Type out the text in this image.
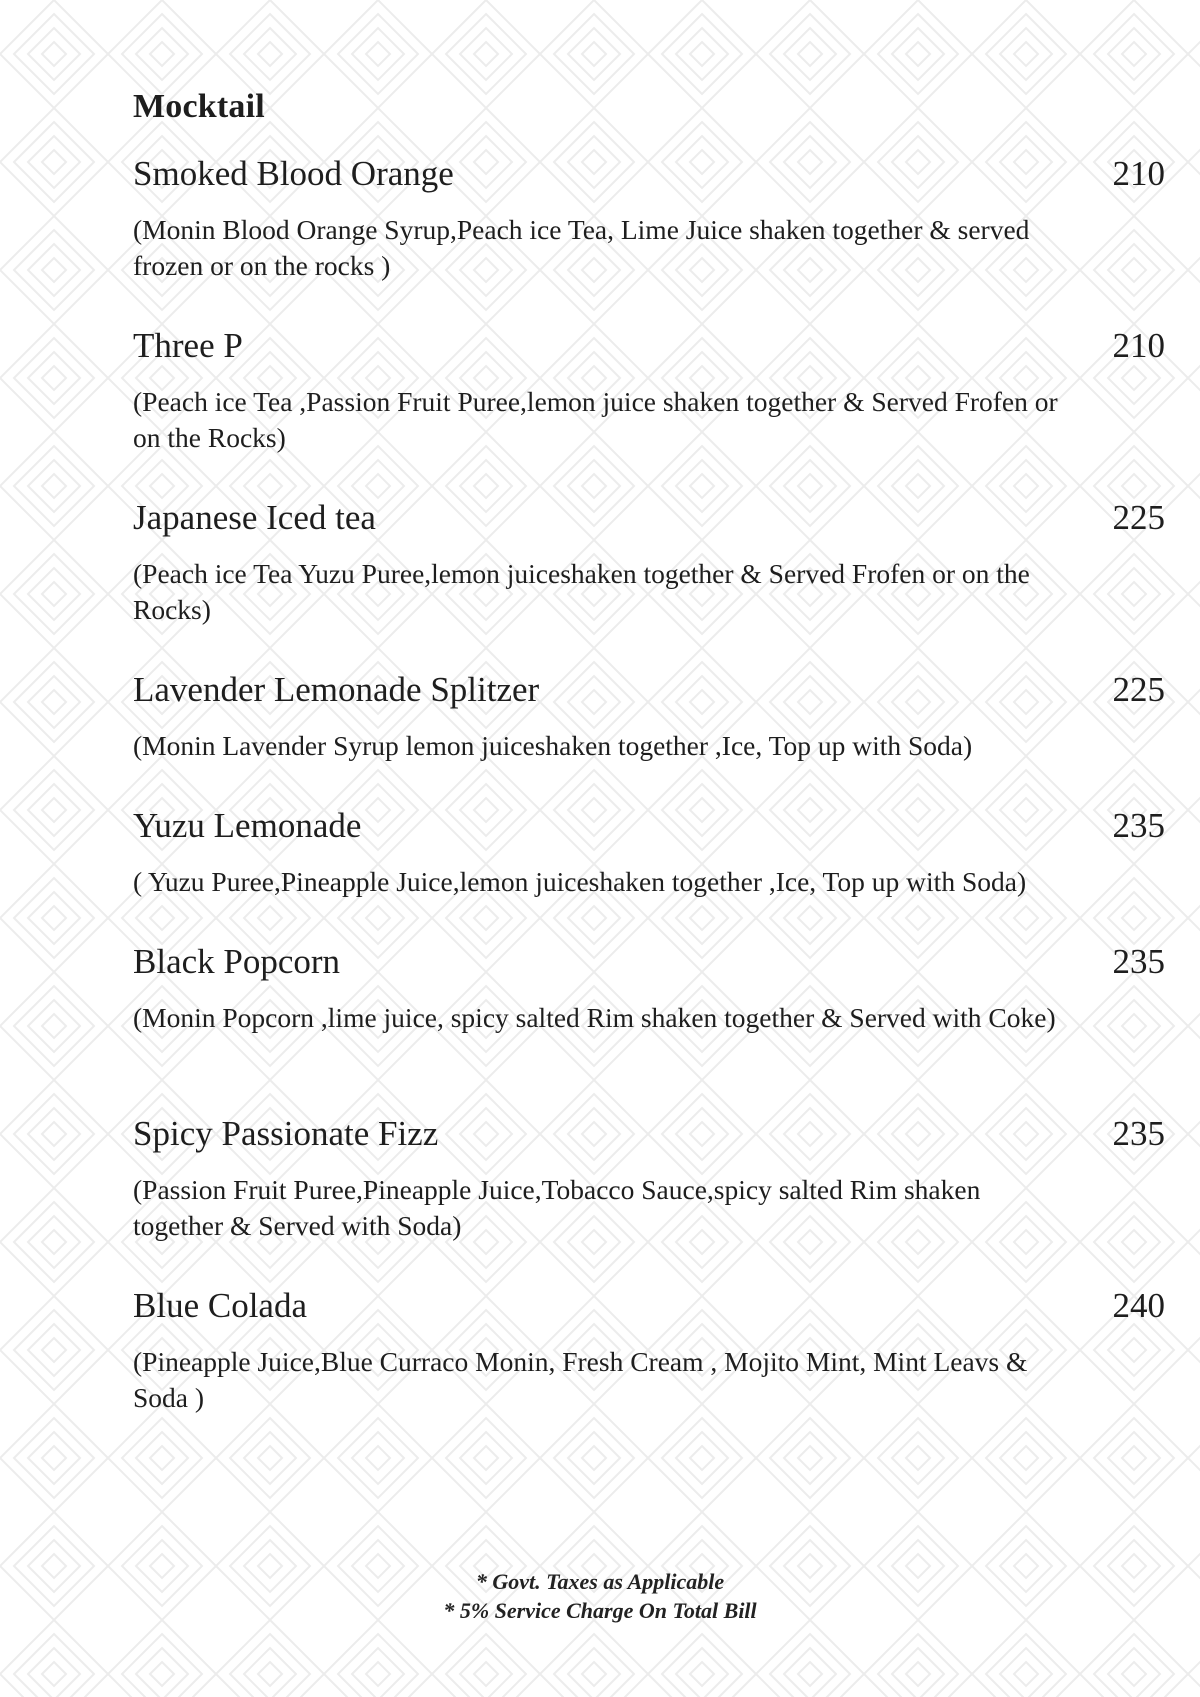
Mocktail
Smoked Blood Orange	210

(Monin Blood Orange Syrup,Peach ice Tea, Lime Juice shaken together & served frozen or on the rocks )

Three P	210

(Peach ice Tea ,Passion Fruit Puree,lemon juice shaken together & Served Frofen or on the Rocks)

Japanese Iced tea	225

(Peach ice Tea Yuzu Puree,lemon juiceshaken together & Served Frofen or on the Rocks)

Lavender Lemonade Splitzer	225

(Monin Lavender Syrup lemon juiceshaken together ,Ice, Top up with Soda)

Yuzu Lemonade	235

( Yuzu Puree,Pineapple Juice,lemon juiceshaken together ,Ice, Top up with Soda)

Black Popcorn	235

(Monin Popcorn ,lime juice, spicy salted Rim shaken together & Served with Coke)

Spicy Passionate Fizz	235

(Passion Fruit Puree,Pineapple Juice,Tobacco Sauce,spicy salted Rim shaken together & Served with Soda)

Blue Colada	240

(Pineapple Juice,Blue Curraco Monin, Fresh Cream , Mojito Mint, Mint Leavs & Soda )

* Govt. Taxes as Applicable
* 5% Service Charge On Total Bill
